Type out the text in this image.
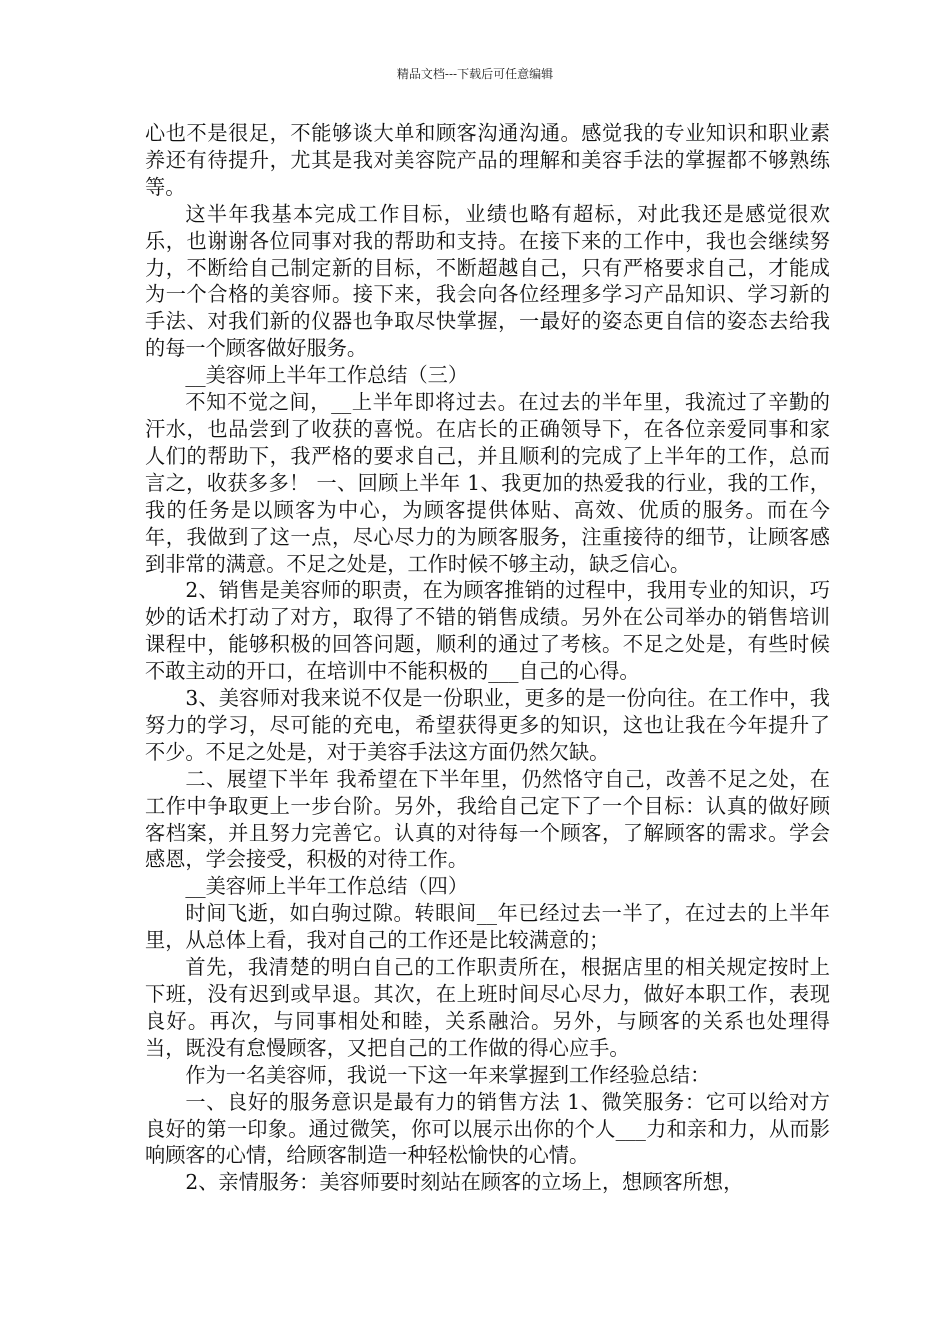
精品文档---下载后可任意编辑

心也不是很足，不能够谈大单和顾客沟通沟通。感觉我的专业知识和职业素养还有待提升，尤其是我对美容院产品的理解和美容手法的掌握都不够熟练等。

这半年我基本完成工作目标，业绩也略有超标，对此我还是感觉很欢乐，也谢谢各位同事对我的帮助和支持。在接下来的工作中，我也会继续努力，不断给自己制定新的目标，不断超越自己，只有严格要求自己，才能成为一个合格的美容师。接下来，我会向各位经理多学习产品知识、学习新的手法、对我们新的仪器也争取尽快掌握，一最好的姿态更自信的姿态去给我的每一个顾客做好服务。

__美容师上半年工作总结（三）

不知不觉之间，__上半年即将过去。在过去的半年里，我流过了辛勤的汗水，也品尝到了收获的喜悦。在店长的正确领导下，在各位亲爱同事和家人们的帮助下，我严格的要求自己，并且顺利的完成了上半年的工作，总而言之，收获多多！ 一、回顾上半年 1、我更加的热爱我的行业，我的工作，我的任务是以顾客为中心，为顾客提供体贴、高效、优质的服务。而在今年，我做到了这一点，尽心尽力的为顾客服务，注重接待的细节，让顾客感到非常的满意。不足之处是，工作时候不够主动，缺乏信心。

2、销售是美容师的职责，在为顾客推销的过程中，我用专业的知识，巧妙的话术打动了对方，取得了不错的销售成绩。另外在公司举办的销售培训课程中，能够积极的回答问题，顺利的通过了考核。不足之处是，有些时候不敢主动的开口，在培训中不能积极的___自己的心得。

3、美容师对我来说不仅是一份职业，更多的是一份向往。在工作中，我努力的学习，尽可能的充电，希望获得更多的知识，这也让我在今年提升了不少。不足之处是，对于美容手法这方面仍然欠缺。

二、展望下半年 我希望在下半年里，仍然恪守自己，改善不足之处，在工作中争取更上一步台阶。另外，我给自己定下了一个目标：认真的做好顾客档案，并且努力完善它。认真的对待每一个顾客，了解顾客的需求。学会感恩，学会接受，积极的对待工作。

__美容师上半年工作总结（四）

时间飞逝，如白驹过隙。转眼间__年已经过去一半了，在过去的上半年里，从总体上看，我对自己的工作还是比较满意的；

首先，我清楚的明白自己的工作职责所在，根据店里的相关规定按时上下班，没有迟到或早退。其次，在上班时间尽心尽力，做好本职工作，表现良好。再次，与同事相处和睦，关系融洽。另外，与顾客的关系也处理得当，既没有怠慢顾客，又把自己的工作做的得心应手。

作为一名美容师，我说一下这一年来掌握到工作经验总结：

一、良好的服务意识是最有力的销售方法 1、微笑服务：它可以给对方良好的第一印象。通过微笑，你可以展示出你的个人___力和亲和力，从而影响顾客的心情，给顾客制造一种轻松愉快的心情。

2、亲情服务：美容师要时刻站在顾客的立场上，想顾客所想，
